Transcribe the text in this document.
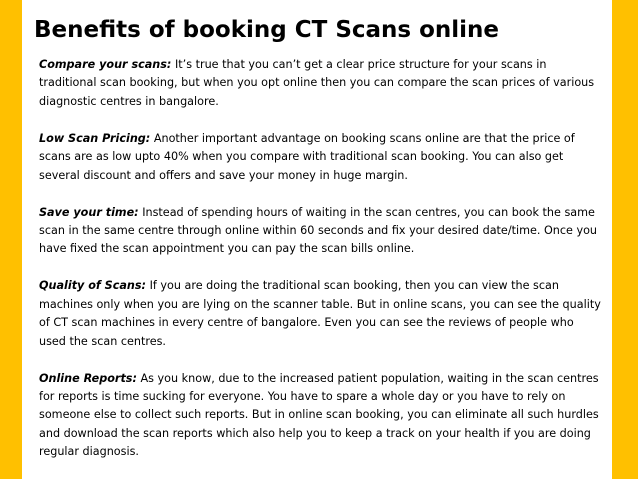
Benefits of booking CT Scans online

Compare your scans: It’s true that you can’t get a clear price structure for your scans in traditional scan booking, but when you opt online then you can compare the scan prices of various diagnostic centres in bangalore.

Low Scan Pricing: Another important advantage on booking scans online are that the price of scans are as low upto 40% when you compare with traditional scan booking. You can also get several discount and offers and save your money in huge margin.

Save your time: Instead of spending hours of waiting in the scan centres, you can book the same scan in the same centre through online within 60 seconds and fix your desired date/time. Once you have fixed the scan appointment you can pay the scan bills online.

Quality of Scans: If you are doing the traditional scan booking, then you can view the scan machines only when you are lying on the scanner table. But in online scans, you can see the quality of CT scan machines in every centre of bangalore. Even you can see the reviews of people who used the scan centres.

Online Reports: As you know, due to the increased patient population, waiting in the scan centres for reports is time sucking for everyone. You have to spare a whole day or you have to rely on someone else to collect such reports. But in online scan booking, you can eliminate all such hurdles and download the scan reports which also help you to keep a track on your health if you are doing regular diagnosis.
